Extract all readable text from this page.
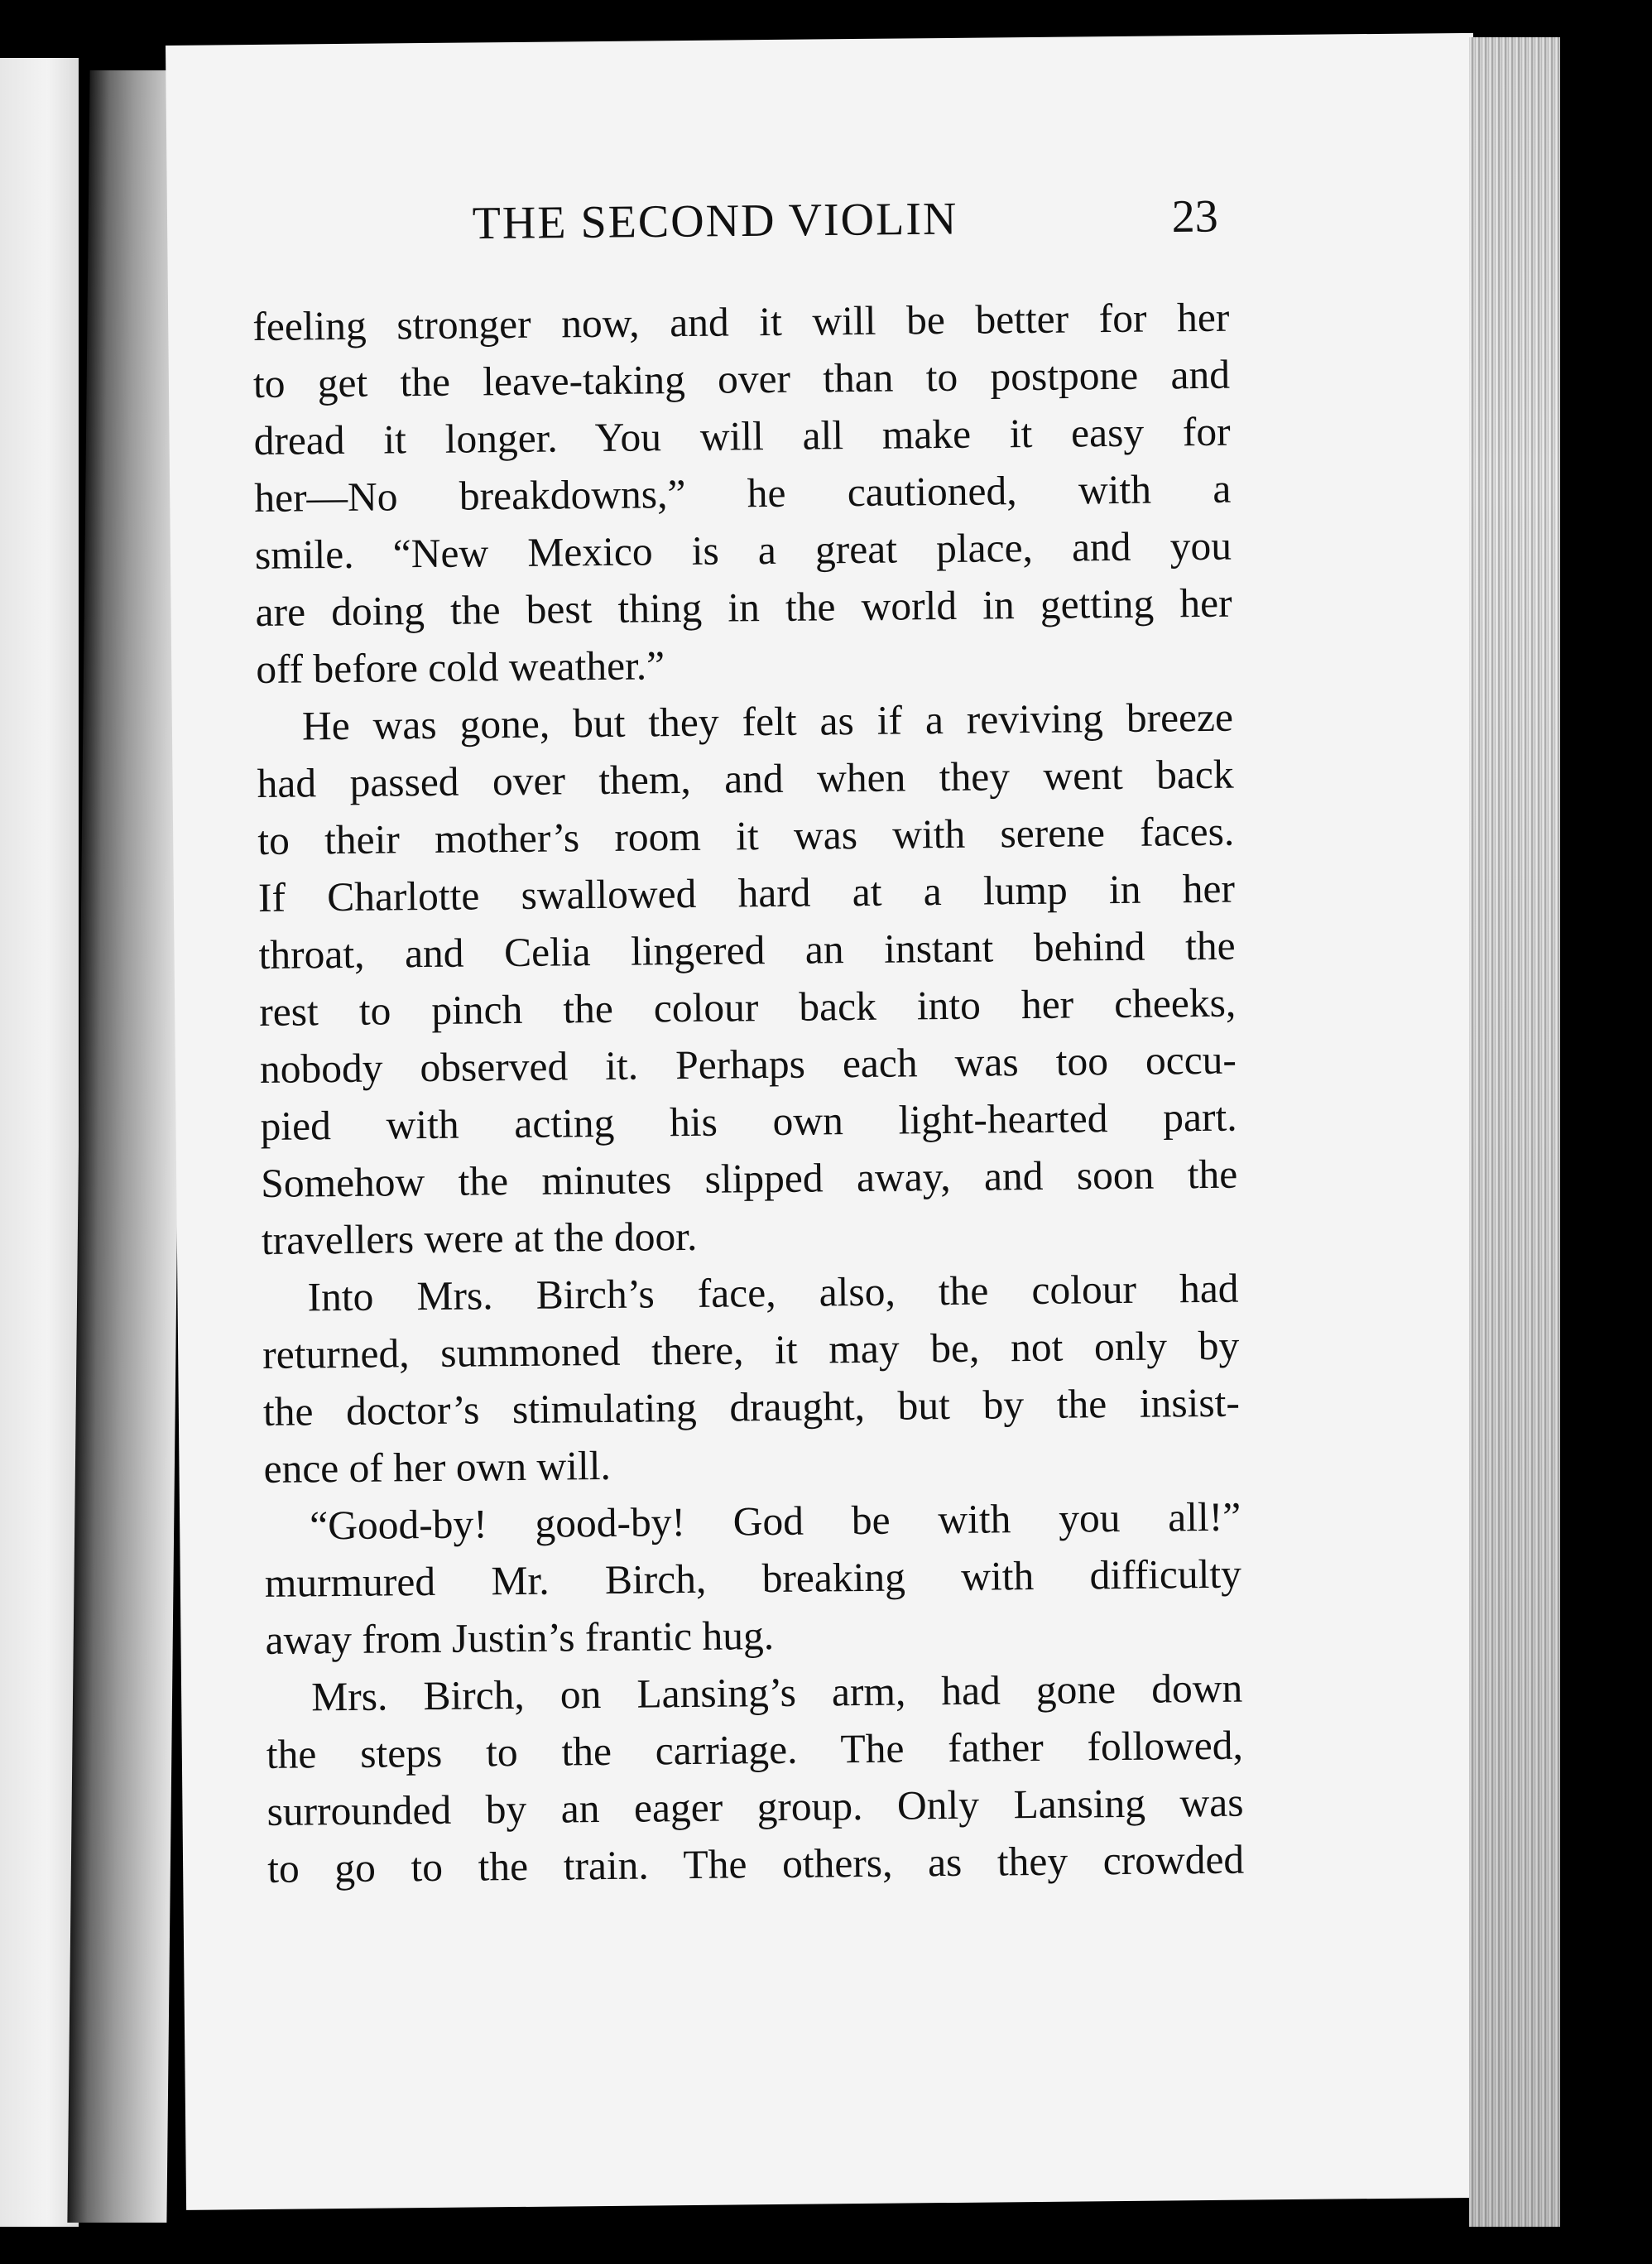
THE SECOND VIOLIN	23
feeling stronger now, and it will be better for her
to get the leave-taking over than to postpone and
dread it longer. You will all make it easy for
her—No breakdowns,” he cautioned, with a
smile. “New Mexico is a great place, and you
are doing the best thing in the world in getting her
off before cold weather.”
He was gone, but they felt as if a reviving breeze
had passed over them, and when they went back
to their mother’s room it was with serene faces.
If Charlotte swallowed hard at a lump in her
throat, and Celia lingered an instant behind the
rest to pinch the colour back into her cheeks,
nobody observed it. Perhaps each was too occu-
pied with acting his own light-hearted part.
Somehow the minutes slipped away, and soon the
travellers were at the door.
Into Mrs. Birch’s face, also, the colour had
returned, summoned there, it may be, not only by
the doctor’s stimulating draught, but by the insist-
ence of her own will.
“Good-by! good-by! God be with you all!”
murmured Mr. Birch, breaking with difficulty
away from Justin’s frantic hug.
Mrs. Birch, on Lansing’s arm, had gone down
the steps to the carriage. The father followed,
surrounded by an eager group. Only Lansing was
to go to the train. The others, as they crowded
